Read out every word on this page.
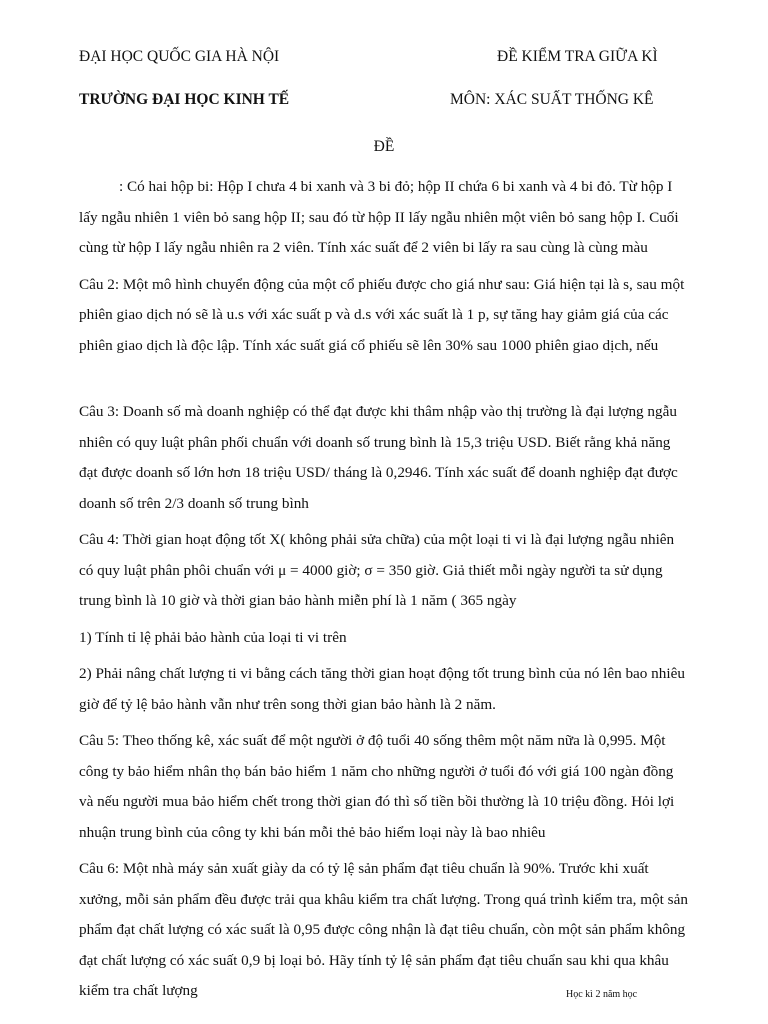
ĐẠI HỌC QUỐC GIA HÀ NỘI	ĐỀ KIỂM TRA GIỮA KÌ
TRƯỜNG ĐẠI HỌC KINH TẾ	MÔN: XÁC SUẤT THỐNG KÊ
ĐỀ

: Có hai hộp bi: Hộp I chưa 4 bi xanh và 3 bi đỏ; hộp II chứa 6 bi xanh và 4 bi đỏ. Từ hộp I lấy ngẫu nhiên 1 viên bỏ sang hộp II; sau đó từ hộp II lấy ngẫu nhiên một viên bỏ sang hộp I. Cuối cùng từ hộp I lấy ngẫu nhiên ra 2 viên. Tính xác suất để 2 viên bi lấy ra sau cùng là cùng màu

Câu 2: Một mô hình chuyển động của một cổ phiếu được cho giá như sau: Giá hiện tại là s, sau một phiên giao dịch nó sẽ là u.s với xác suất p và d.s với xác suất là 1 p, sự tăng hay giảm giá của các phiên giao dịch là độc lập. Tính xác suất giá cổ phiếu sẽ lên 30% sau 1000 phiên giao dịch, nếu

Câu 3: Doanh số mà doanh nghiệp có thể đạt được khi thâm nhập vào thị trường là đại lượng ngẫu nhiên có quy luật phân phối chuẩn với doanh số trung bình là 15,3 triệu USD. Biết rằng khả năng đạt được doanh số lớn hơn 18 triệu USD/ tháng là 0,2946. Tính xác suất để doanh nghiệp đạt được doanh số trên 2/3 doanh số trung bình

Câu 4: Thời gian hoạt động tốt X( không phải sửa chữa) của một loại ti vi là đại lượng ngẫu nhiên có quy luật phân phôi chuẩn với μ = 4000 giờ; σ = 350 giờ. Giả thiết mỗi ngày người ta sử dụng trung bình là 10 giờ và thời gian bảo hành miễn phí là 1 năm ( 365 ngày

1) Tính tỉ lệ phải bảo hành của loại ti vi trên

2) Phải nâng chất lượng ti vi bằng cách tăng thời gian hoạt động tốt trung bình của nó lên bao nhiêu giờ để tỷ lệ bảo hành vẫn như trên song thời gian bảo hành là 2 năm.

Câu 5: Theo thống kê, xác suất để một người ở độ tuổi 40 sống thêm một năm nữa là 0,995. Một công ty bảo hiểm nhân thọ bán bảo hiểm 1 năm cho những người ở tuổi đó với giá 100 ngàn đồng và nếu người mua bảo hiểm chết trong thời gian đó thì số tiền bồi thường là 10 triệu đồng. Hỏi lợi nhuận trung bình của công ty khi bán mỗi thẻ bảo hiểm loại này là bao nhiêu

Câu 6: Một nhà máy sản xuất giày da có tỷ lệ sản phẩm đạt tiêu chuẩn là 90%. Trước khi xuất xưởng, mỗi sản phẩm đều được trải qua khâu kiểm tra chất lượng. Trong quá trình kiểm tra, một sản phẩm đạt chất lượng có xác suất là 0,95 được công nhận là đạt tiêu chuẩn, còn một sản phẩm không đạt chất lượng có xác suất 0,9 bị loại bỏ. Hãy tính tỷ lệ sản phẩm đạt tiêu chuẩn sau khi qua khâu kiểm tra chất lượng	Học kì 2 năm học
